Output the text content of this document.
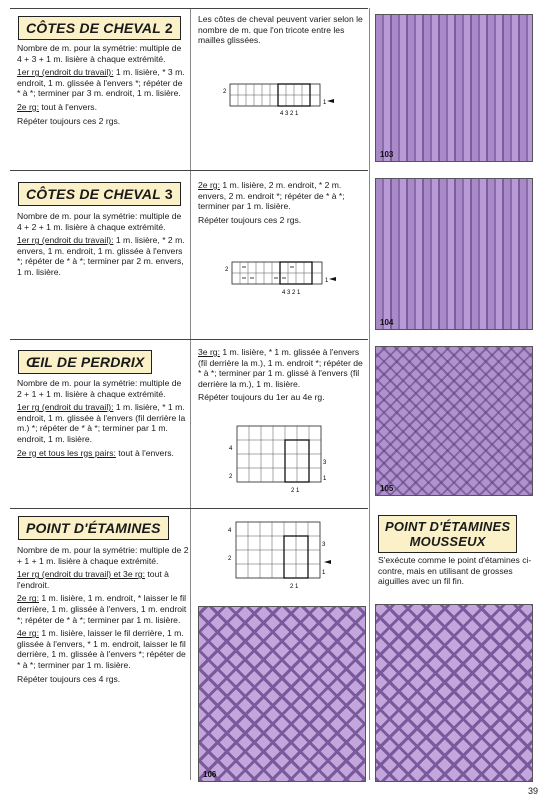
CÔTES DE CHEVAL 2

Nombre de m. pour la symétrie: multiple de 4 + 3 + 1 m. lisière à chaque extrémité.

1er rg (endroit du travail): 1 m. lisière, * 3 m. endroit, 1 m. glissée à l'envers *; répéter de * à *; terminer par 3 m. endroit, 1 m. lisière.

2e rg: tout à l'envers.

Répéter toujours ces 2 rgs.

Les côtes de cheval peuvent varier selon le nombre de m. que l'on tricote entre les mailles glissées.

2
1
4 3 2 1
103
CÔTES DE CHEVAL 3

Nombre de m. pour la symétrie: multiple de 4 + 2 + 1 m. lisière à chaque extrémité.

1er rg (endroit du travail): 1 m. lisière, * 2 m. envers, 1 m. endroit, 1 m. glissée à l'envers *; répéter de * à *; terminer par 2 m. envers, 1 m. lisière.

2e rg: 1 m. lisière, 2 m. endroit, * 2 m. envers, 2 m. endroit *; répéter de * à *; terminer par 1 m. lisière.

Répéter toujours ces 2 rgs.

2
1
4 3 2 1
104
ŒIL DE PERDRIX

Nombre de m. pour la symétrie: multiple de 2 + 1 + 1 m. lisière à chaque extrémité.

1er rg (endroit du travail): 1 m. lisière, * 1 m. endroit, 1 m. glissée à l'envers (fil derrière la m.) *; répéter de * à *; terminer par 1 m. endroit, 1 m. lisière.

2e rg et tous les rgs pairs: tout à l'envers.

3e rg: 1 m. lisière, * 1 m. glissée à l'envers (fil derrière la m.), 1 m. endroit *; répéter de * à *; terminer par 1 m. glissé à l'envers (fil derrière la m.), 1 m. lisière.

Répéter toujours du 1er au 4e rg.

4
3
2	1
2 1	105
POINT D'ÉTAMINES

Nombre de m. pour la symétrie: multiple de 2 + 1 + 1 m. lisière à chaque extrémité.

1er rg (endroit du travail) et 3e rg: tout à l'endroit.

2e rg: 1 m. lisière, 1 m. endroit, * laisser le fil derrière, 1 m. glissée à l'envers, 1 m. endroit *; répéter de * à *; terminer par 1 m. lisière.

4e rg: 1 m. lisière, laisser le fil derrière, 1 m. glissée à l'envers, * 1 m. endroit, laisser le fil derrière, 1 m. glissée à l'envers *; répéter de * à *; terminer par 1 m. lisière.

Répéter toujours ces 4 rgs.

4
3
2
1
2 1
106
POINT D'ÉTAMINES
MOUSSEUX

S'exécute comme le point d'étamines ci-contre, mais en utilisant de grosses aiguilles avec un fil fin.

39
